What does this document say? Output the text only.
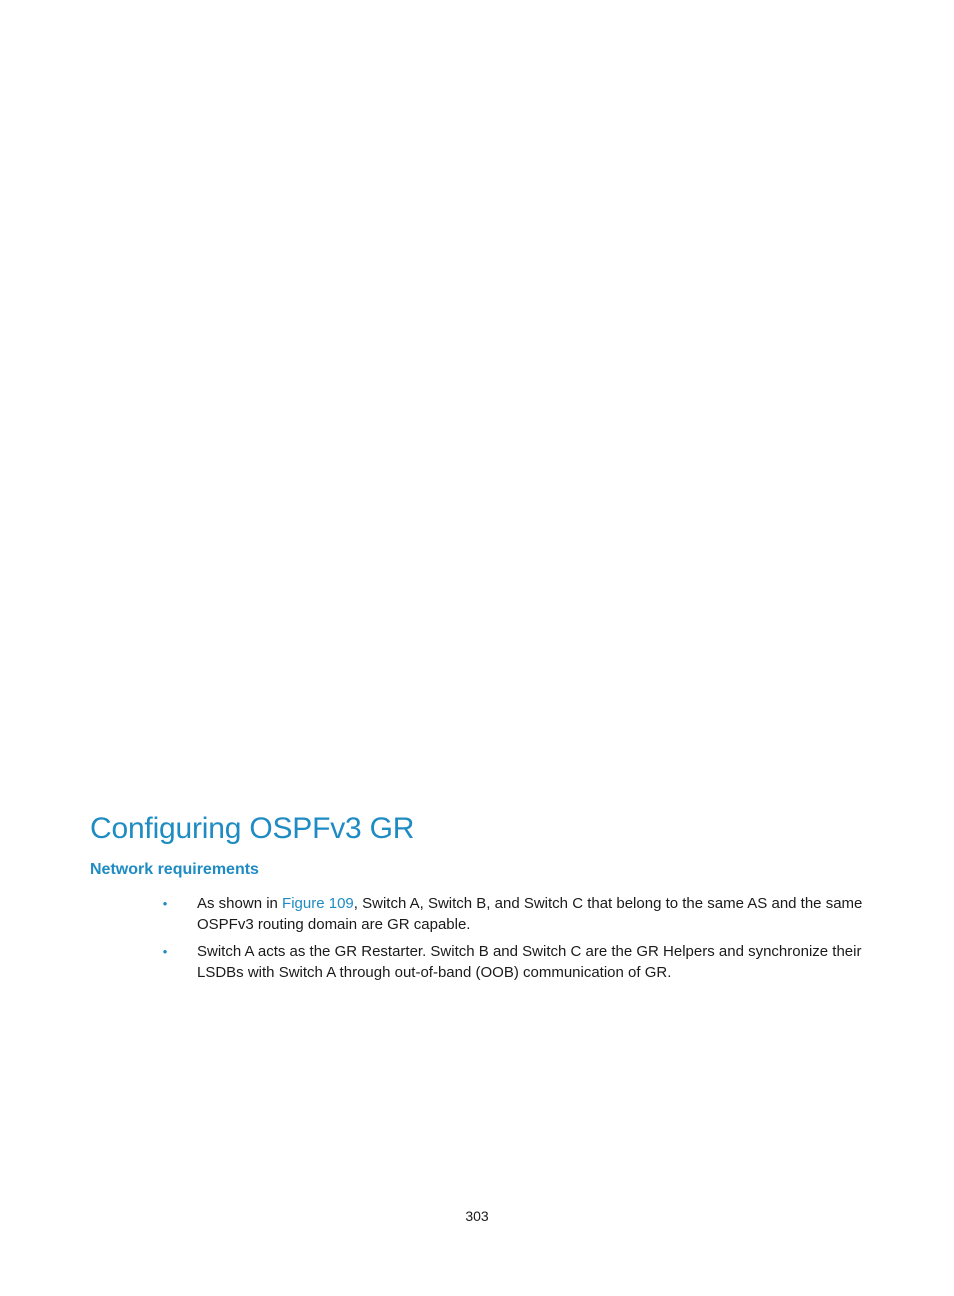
Configuring OSPFv3 GR
Network requirements
• As shown in Figure 109, Switch A, Switch B, and Switch C that belong to the same AS and the same OSPFv3 routing domain are GR capable.
• Switch A acts as the GR Restarter. Switch B and Switch C are the GR Helpers and synchronize their LSDBs with Switch A through out-of-band (OOB) communication of GR.
303
